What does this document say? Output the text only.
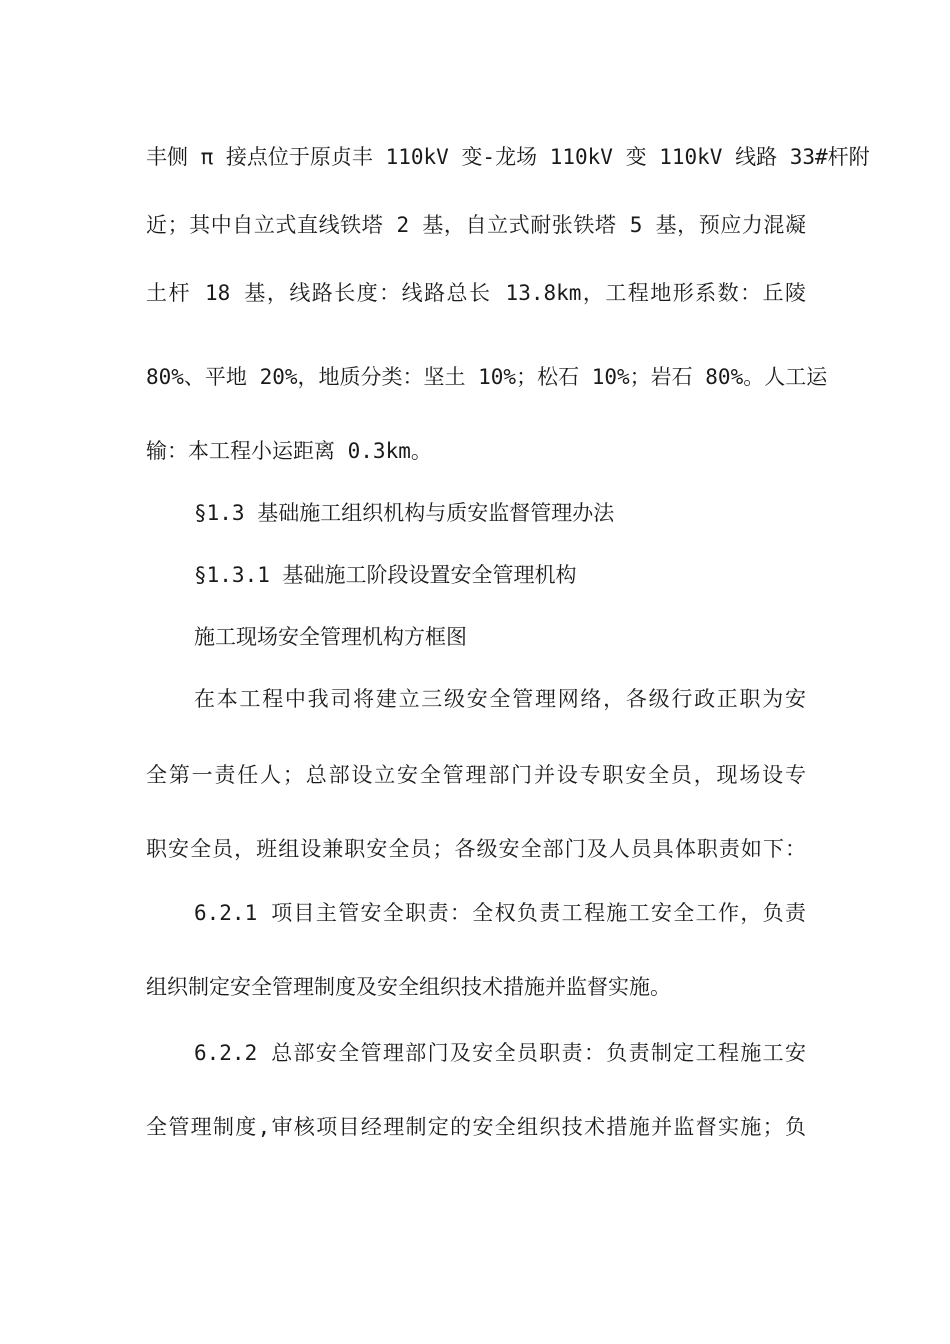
丰侧 π 接点位于原贞丰 110kV 变-龙场 110kV 变 110kV 线路 33#杆附
近；其中自立式直线铁塔 2 基，自立式耐张铁塔 5 基，预应力混凝
土杆 18 基，线路长度：线路总长 13.8km，工程地形系数：丘陵
80%、平地 20%，地质分类：坚土 10%；松石 10%；岩石 80%。人工运
输：本工程小运距离 0.3km。
§1.3 基础施工组织机构与质安监督管理办法
§1.3.1 基础施工阶段设置安全管理机构
施工现场安全管理机构方框图
在本工程中我司将建立三级安全管理网络，各级行政正职为安
全第一责任人；总部设立安全管理部门并设专职安全员，现场设专
职安全员，班组设兼职安全员；各级安全部门及人员具体职责如下：
6.2.1 项目主管安全职责：全权负责工程施工安全工作，负责
组织制定安全管理制度及安全组织技术措施并监督实施。
6.2.2 总部安全管理部门及安全员职责：负责制定工程施工安
全管理制度,审核项目经理制定的安全组织技术措施并监督实施；负
